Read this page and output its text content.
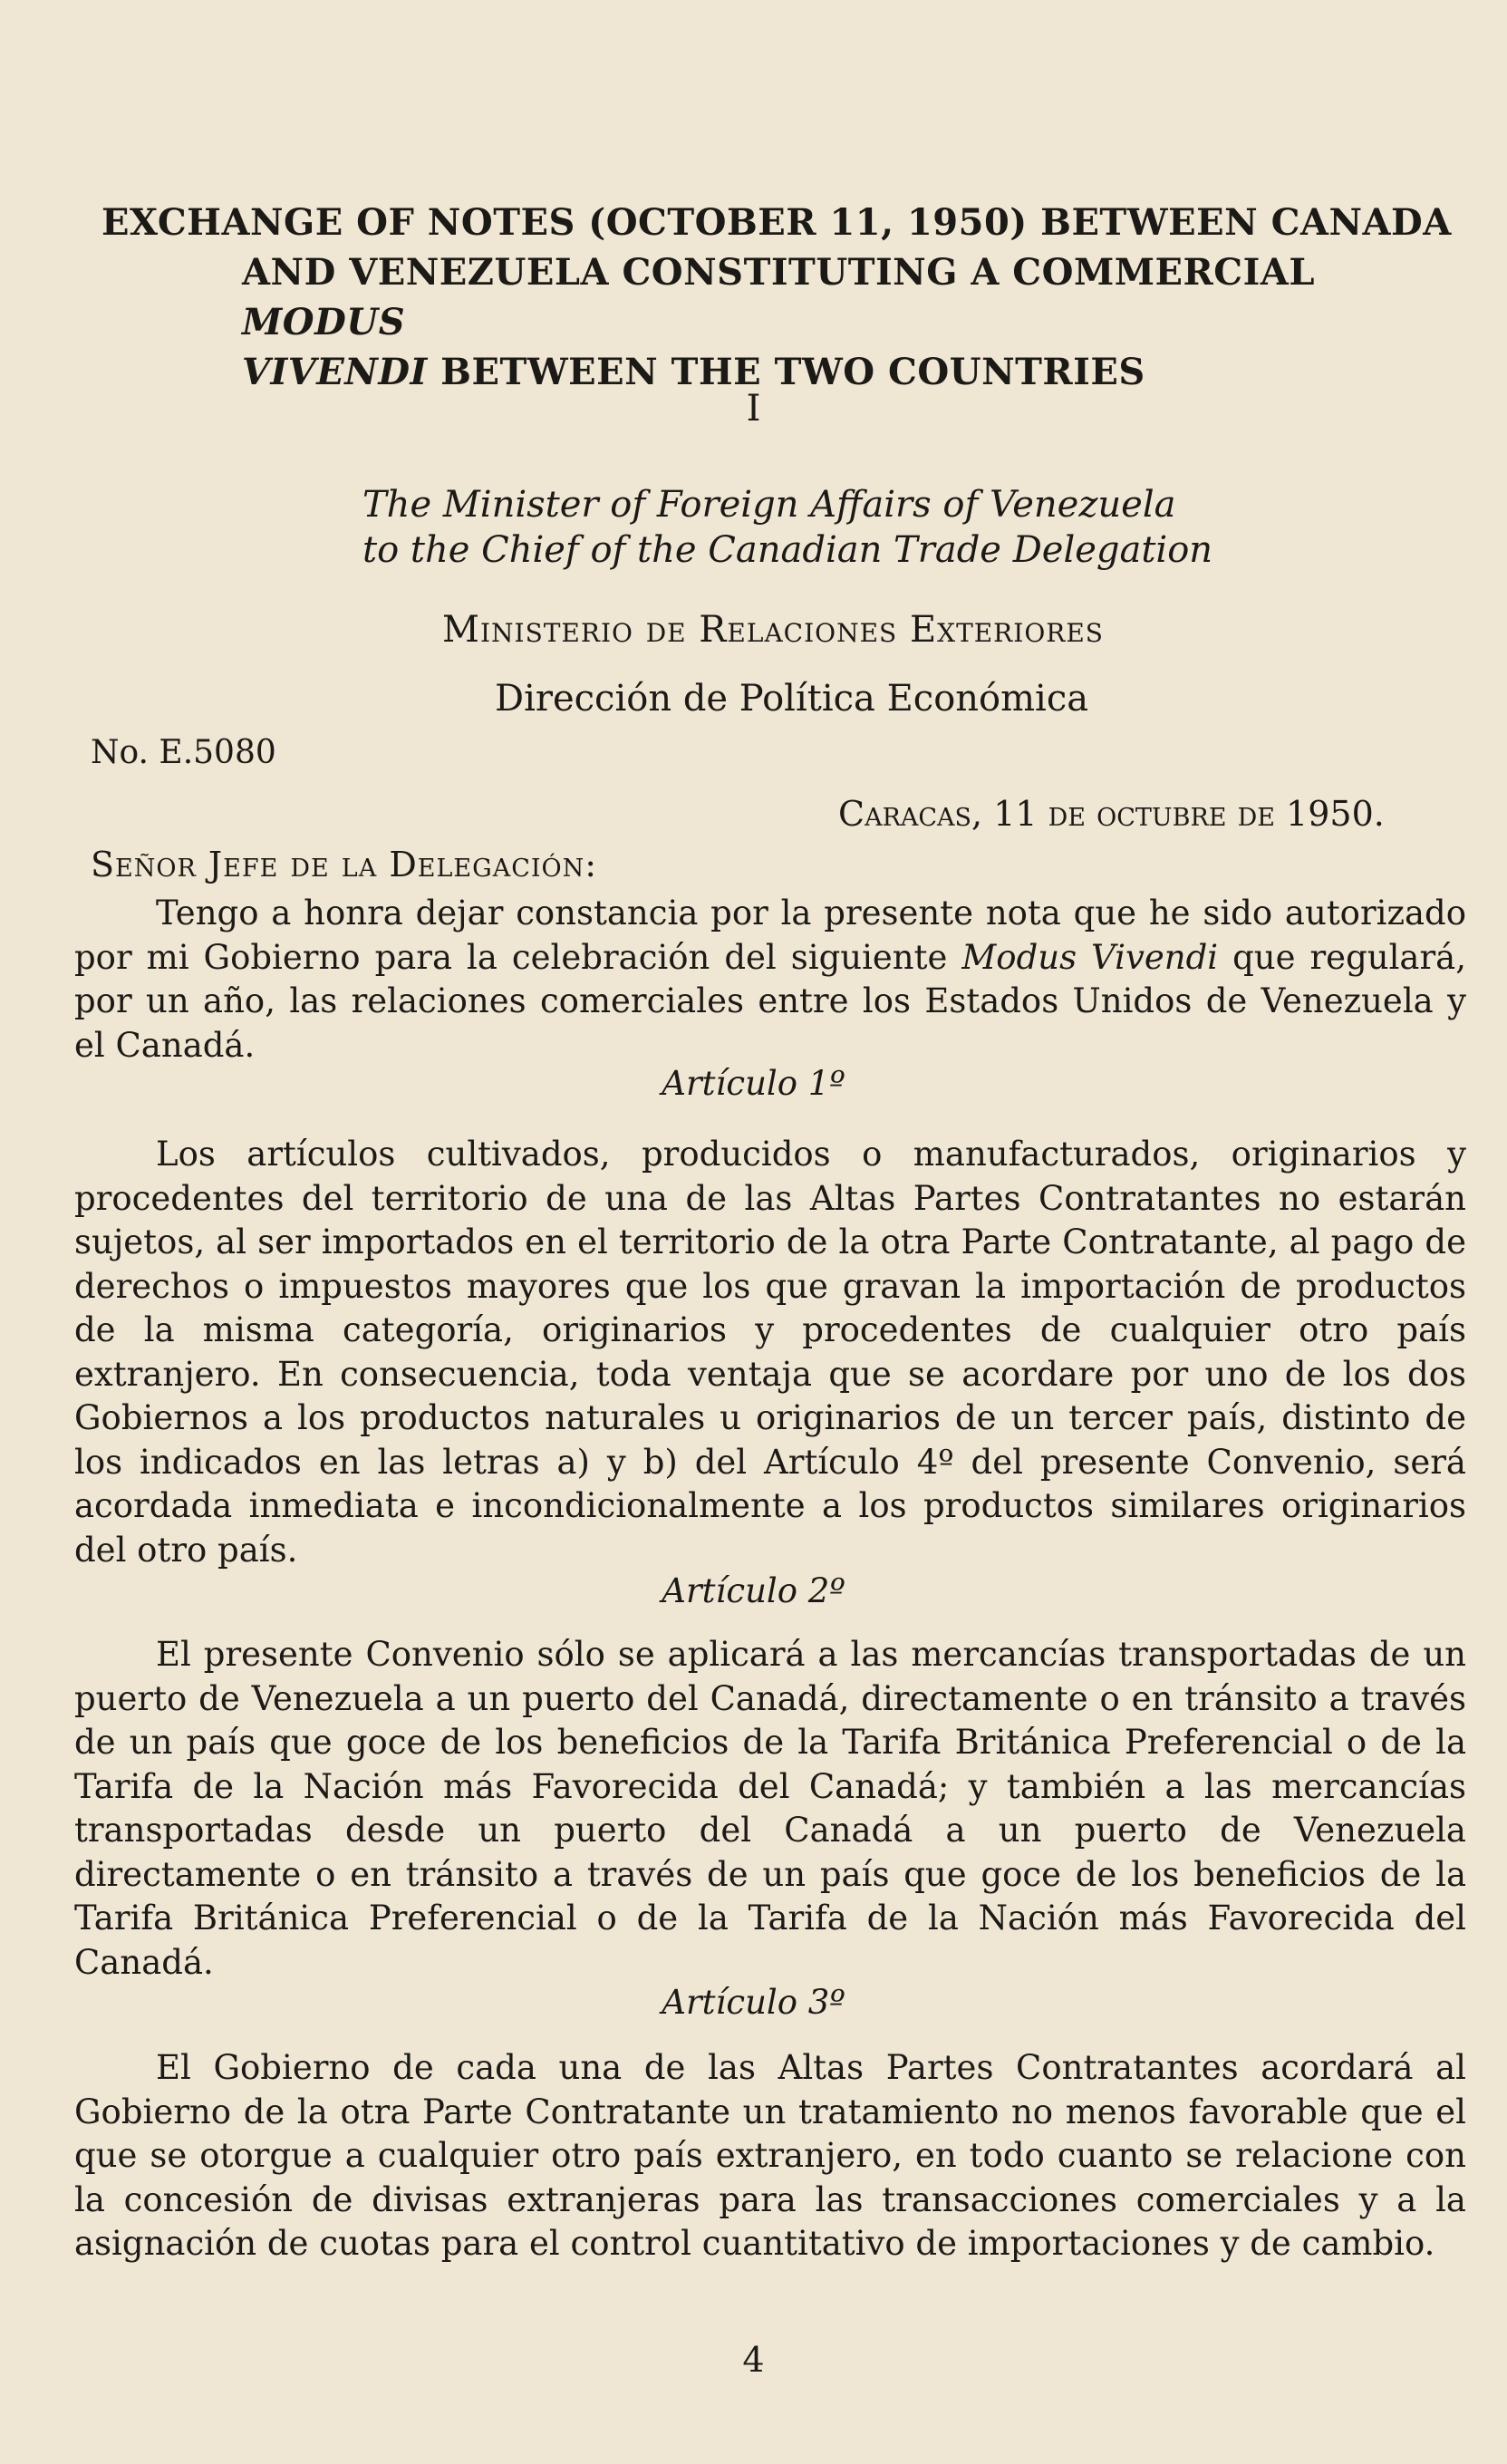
EXCHANGE OF NOTES (OCTOBER 11, 1950) BETWEEN CANADA
AND VENEZUELA CONSTITUTING A COMMERCIAL MODUS
VIVENDI BETWEEN THE TWO COUNTRIES
I
The Minister of Foreign Affairs of Venezuela
to the Chief of the Canadian Trade Delegation
Ministerio de Relaciones Exteriores
Dirección de Política Económica
No. E.5080
Caracas, 11 de octubre de 1950.
Señor Jefe de la Delegación:

Tengo a honra dejar constancia por la presente nota que he sido autorizado por mi Gobierno para la celebración del siguiente Modus Vivendi que regulará, por un año, las relaciones comerciales entre los Estados Unidos de Venezuela y el Canadá.

Artículo 1º

Los artículos cultivados, producidos o manufacturados, originarios y procedentes del territorio de una de las Altas Partes Contratantes no estarán sujetos, al ser importados en el territorio de la otra Parte Contratante, al pago de derechos o impuestos mayores que los que gravan la importación de productos de la misma categoría, originarios y procedentes de cualquier otro país extranjero. En consecuencia, toda ventaja que se acordare por uno de los dos Gobiernos a los productos naturales u originarios de un tercer país, distinto de los indicados en las letras a) y b) del Artículo 4º del presente Convenio, será acordada inmediata e incondicionalmente a los productos similares originarios del otro país.

Artículo 2º

El presente Convenio sólo se aplicará a las mercancías transportadas de un puerto de Venezuela a un puerto del Canadá, directamente o en tránsito a través de un país que goce de los beneficios de la Tarifa Británica Preferencial o de la Tarifa de la Nación más Favorecida del Canadá; y también a las mercancías transportadas desde un puerto del Canadá a un puerto de Venezuela directamente o en tránsito a través de un país que goce de los beneficios de la Tarifa Británica Preferencial o de la Tarifa de la Nación más Favorecida del Canadá.

Artículo 3º

El Gobierno de cada una de las Altas Partes Contratantes acordará al Gobierno de la otra Parte Contratante un tratamiento no menos favorable que el que se otorgue a cualquier otro país extranjero, en todo cuanto se relacione con la concesión de divisas extranjeras para las transacciones comerciales y a la asignación de cuotas para el control cuantitativo de importaciones y de cambio.

4
